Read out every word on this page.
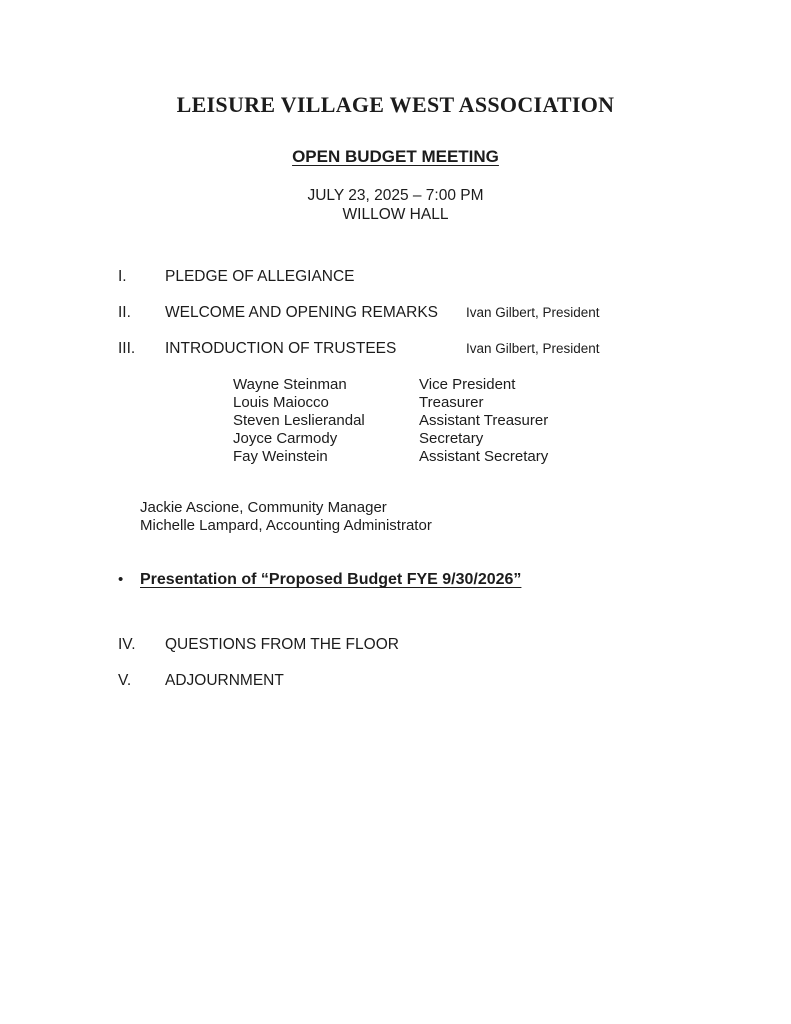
LEISURE VILLAGE WEST ASSOCIATION
OPEN BUDGET MEETING
JULY 23, 2025 – 7:00 PM
WILLOW HALL
I.	PLEDGE OF ALLEGIANCE
II.	WELCOME AND OPENING REMARKS	Ivan Gilbert, President
III.	INTRODUCTION OF TRUSTEES	Ivan Gilbert, President
Wayne Steinman	Vice President
Louis Maiocco	Treasurer
Steven Leslierandal	Assistant Treasurer
Joyce Carmody	Secretary
Fay Weinstein	Assistant Secretary
Jackie Ascione, Community Manager
Michelle Lampard, Accounting Administrator
•	Presentation of “Proposed Budget FYE 9/30/2026”
IV.	QUESTIONS FROM THE FLOOR
V.	ADJOURNMENT
